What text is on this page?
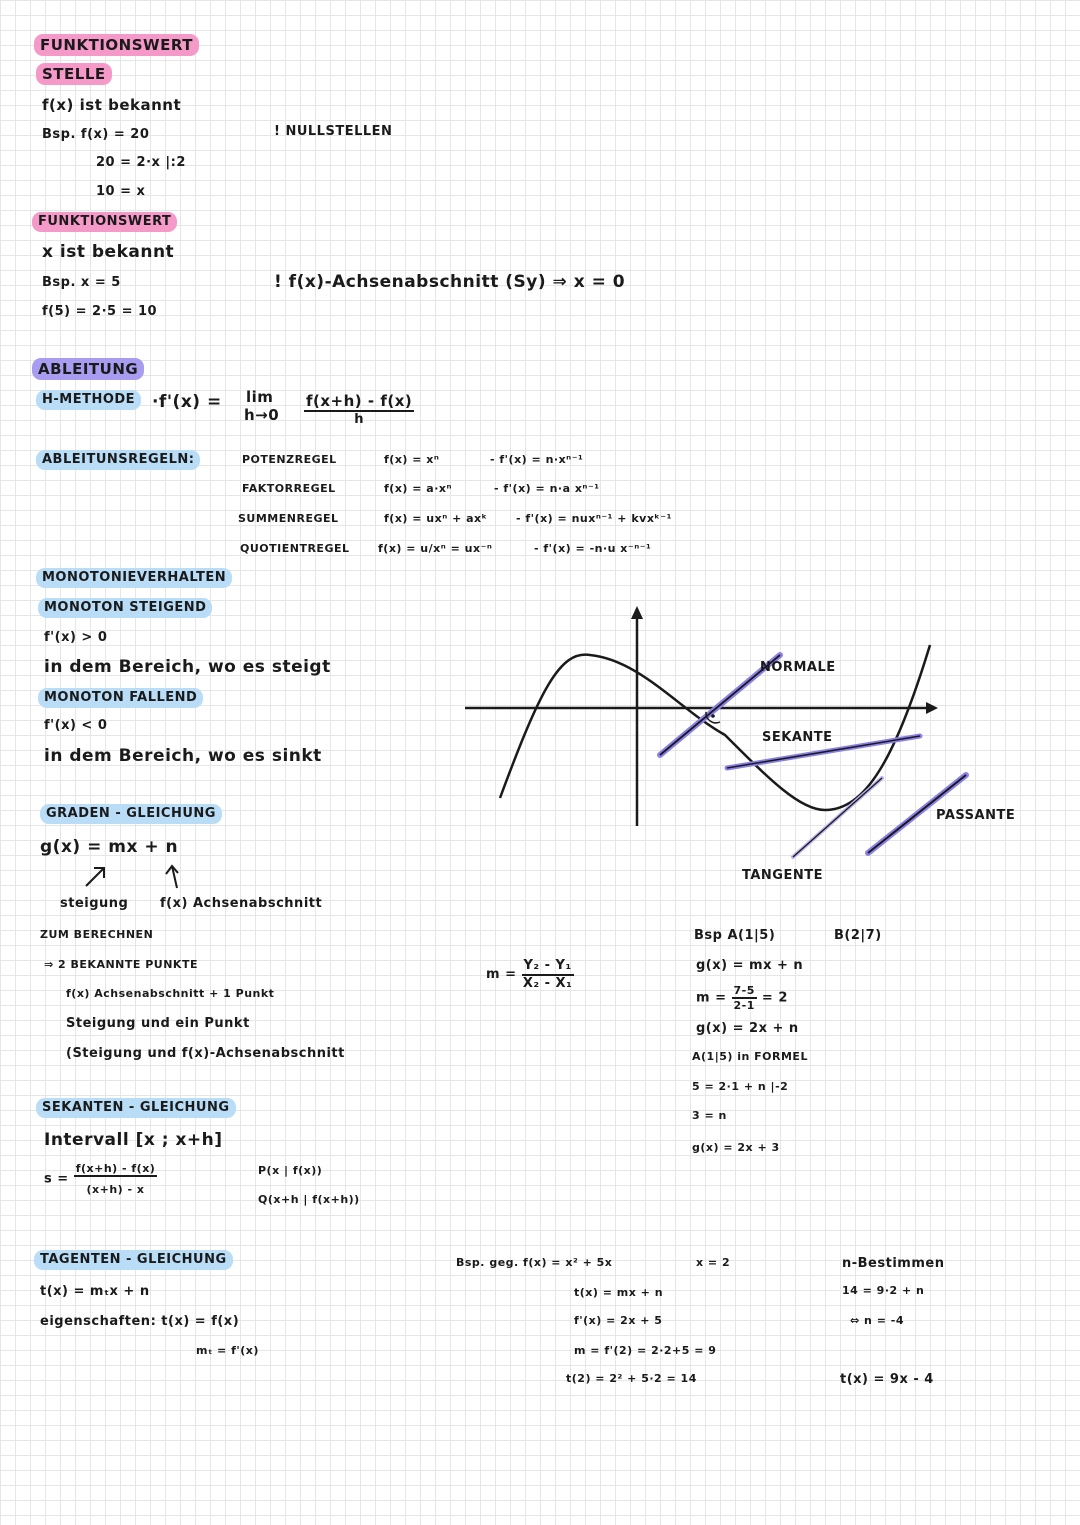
FUNKTIONSWERT
STELLE
f(x) ist bekannt
Bsp. f(x) = 20
20 = 2·x |:2
10 = x
! NULLSTELLEN
FUNKTIONSWERT
x ist bekannt
Bsp. x = 5
f(5) = 2·5 = 10
! f(x)-Achsenabschnitt (Sy) ⇒ x = 0
ABLEITUNG
H-METHODE ·f'(x) = lim
$h\to 0 \frac{f(x+h) - f(x)}{h}$
ABLEITUNSREGELN:	POTENZREGEL	f(x) = xⁿ	- f'(x) = n·xⁿ⁻¹
FAKTORREGEL	f(x) = a·xⁿ	- f'(x) = n·a xⁿ⁻¹
SUMMENREGEL	f(x) = uxⁿ + axᵏ	- f'(x) = nuxⁿ⁻¹ + kvxᵏ⁻¹
QUOTIENTREGEL	f(x) = u/xⁿ = ux⁻ⁿ	- f'(x) = -n·u x⁻ⁿ⁻¹
MONOTONIEVERHALTEN
MONOTON STEIGEND
f'(x) > 0
in dem Bereich, wo es steigt
MONOTON FALLEND
f'(x) < 0
in dem Bereich, wo es sinkt
NORMALE
SEKANTE
TANGENTE
PASSANTE
GRADEN - GLEICHUNG
g(x) = mx + n
steigung f(x) Achsenabschnitt
ZUM BERECHNEN
⇒ 2 BEKANNTE PUNKTE
f(x) Achsenabschnitt + 1 Punkt
Steigung und ein Punkt
(Steigung und f(x)-Achsenabschnitt
$m = \frac{\text{Y₂ - Y₁}}{\text{X₂ - X₁}}$
Bsp A(1|5)	B(2|7)
g(x) = mx + n
$m = \frac{7-5}{2-1} = 2$
g(x) = 2x + n
A(1|5) in FORMEL
5 = 2·1 + n |-2
3 = n
g(x) = 2x + 3
SEKANTEN - GLEICHUNG
Intervall [x ; x+h]
$s = \frac{f(x+h) - f(x)}{(x+h) - x}$	P(x | f(x))
Q(x+h | f(x+h))
TAGENTEN - GLEICHUNG
t(x) = mₜx + n
eigenschaften: t(x) = f(x)
mₜ = f'(x)
Bsp. geg. f(x) = x² + 5x	x = 2
t(x) = mx + n
f'(x) = 2x + 5
m = f'(2) = 2·2+5 = 9
t(2) = 2² + 5·2 = 14
n-Bestimmen
14 = 9·2 + n
⇔ n = -4
t(x) = 9x - 4
